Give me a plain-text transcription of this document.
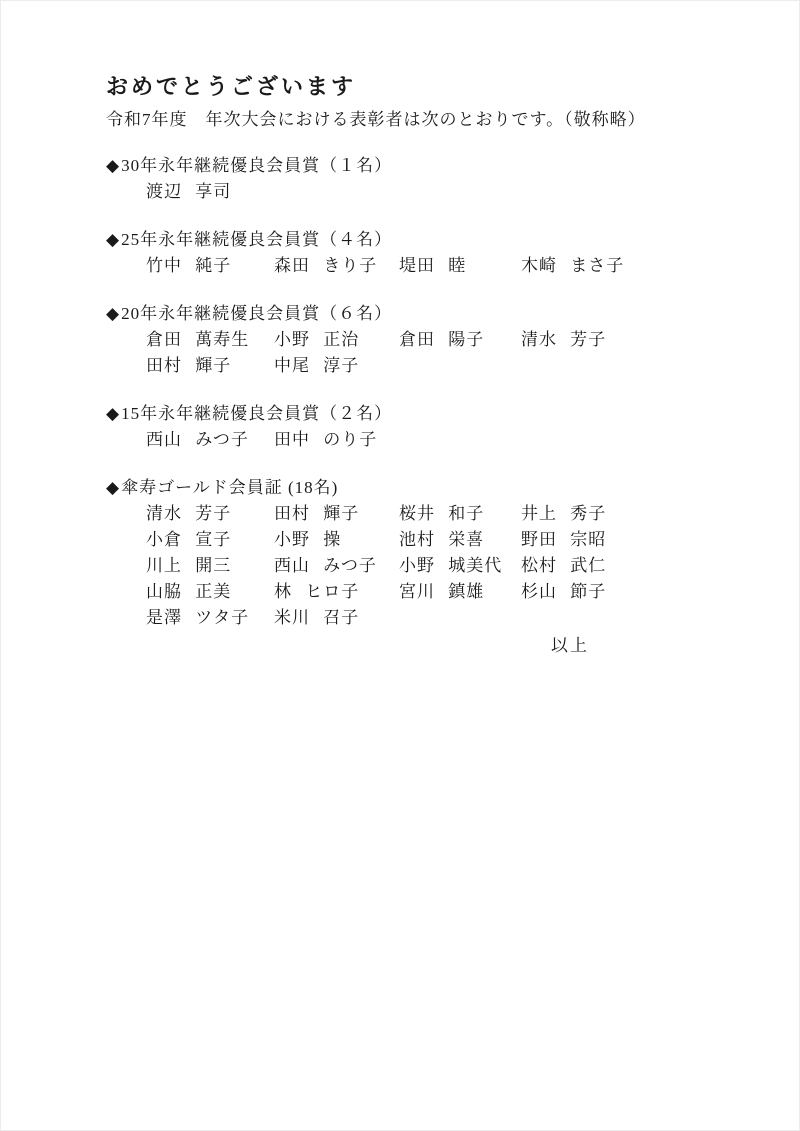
おめでとうございます

令和7年度　年次大会における表彰者は次のとおりです。（敬称略）

◆30年永年継続優良会員賞（１名）
渡辺 享司
◆25年永年継続優良会員賞（４名）
竹中 純子	森田 きり子	堤田 睦	木崎 まさ子
◆20年永年継続優良会員賞（６名）
倉田 萬寿生	小野 正治	倉田 陽子	清水 芳子
田村 輝子	中尾 淳子
◆15年永年継続優良会員賞（２名）
西山 みつ子	田中 のり子
◆傘寿ゴールド会員証 (18名)
清水 芳子	田村 輝子	桜井 和子	井上 秀子
小倉 宣子	小野 操	池村 栄喜	野田 宗昭
川上 開三	西山 みつ子	小野 城美代	松村 武仁
山脇 正美	林 ヒロ子	宮川 鎮雄	杉山 節子
是澤 ツタ子	米川 召子
以上
